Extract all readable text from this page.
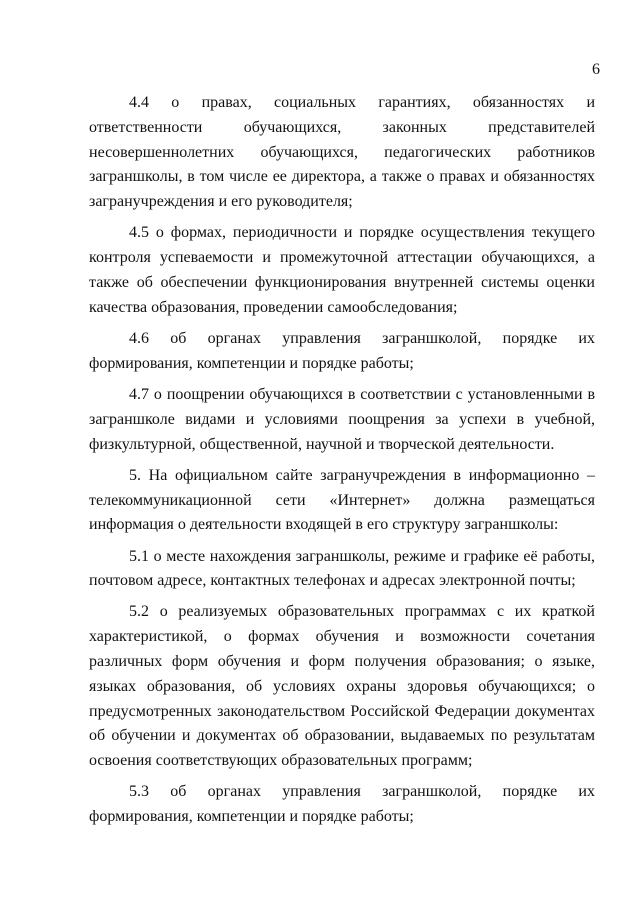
6

4.4 о правах, социальных гарантиях, обязанностях и ответственности обучающихся, законных представителей несовершеннолетних обучающихся, педагогических работников загрaншколы, в том числе ее директора, а также о правах и обязанностях загрaнучреждения и его руководителя;

4.5 о формах, периодичности и порядке осуществления текущего контроля успеваемости и промежуточной аттестации обучающихся, а также об обеспечении функционирования внутренней системы оценки качества образования, проведении самообследования;

4.6 об органах управления загрaншколой, порядке их формирования, компетенции и порядке работы;

4.7 о поощрении обучающихся в соответствии с установленными в загрaншколе видами и условиями поощрения за успехи в учебной, физкультурной, общественной, научной и творческой деятельности.

5. На официальном сайте загрaнучреждения в информационно – телекоммуникационной сети «Интернет» должна размещаться информация о деятельности входящей в его структуру загрaншколы:

5.1 о месте нахождения загрaншколы, режиме и графике её работы, почтовом адресе, контактных телефонах и адресах электронной почты;

5.2 о реализуемых образовательных программах с их краткой характеристикой, о формах обучения и возможности сочетания различных форм обучения и форм получения образования; о языке, языках образования, об условиях охраны здоровья обучающихся; о предусмотренных законодательством Российской Федерации документах об обучении и документах об образовании, выдаваемых по результатам освоения соответствующих образовательных программ;

5.3 об органах управления загрaншколой, порядке их формирования, компетенции и порядке работы;
